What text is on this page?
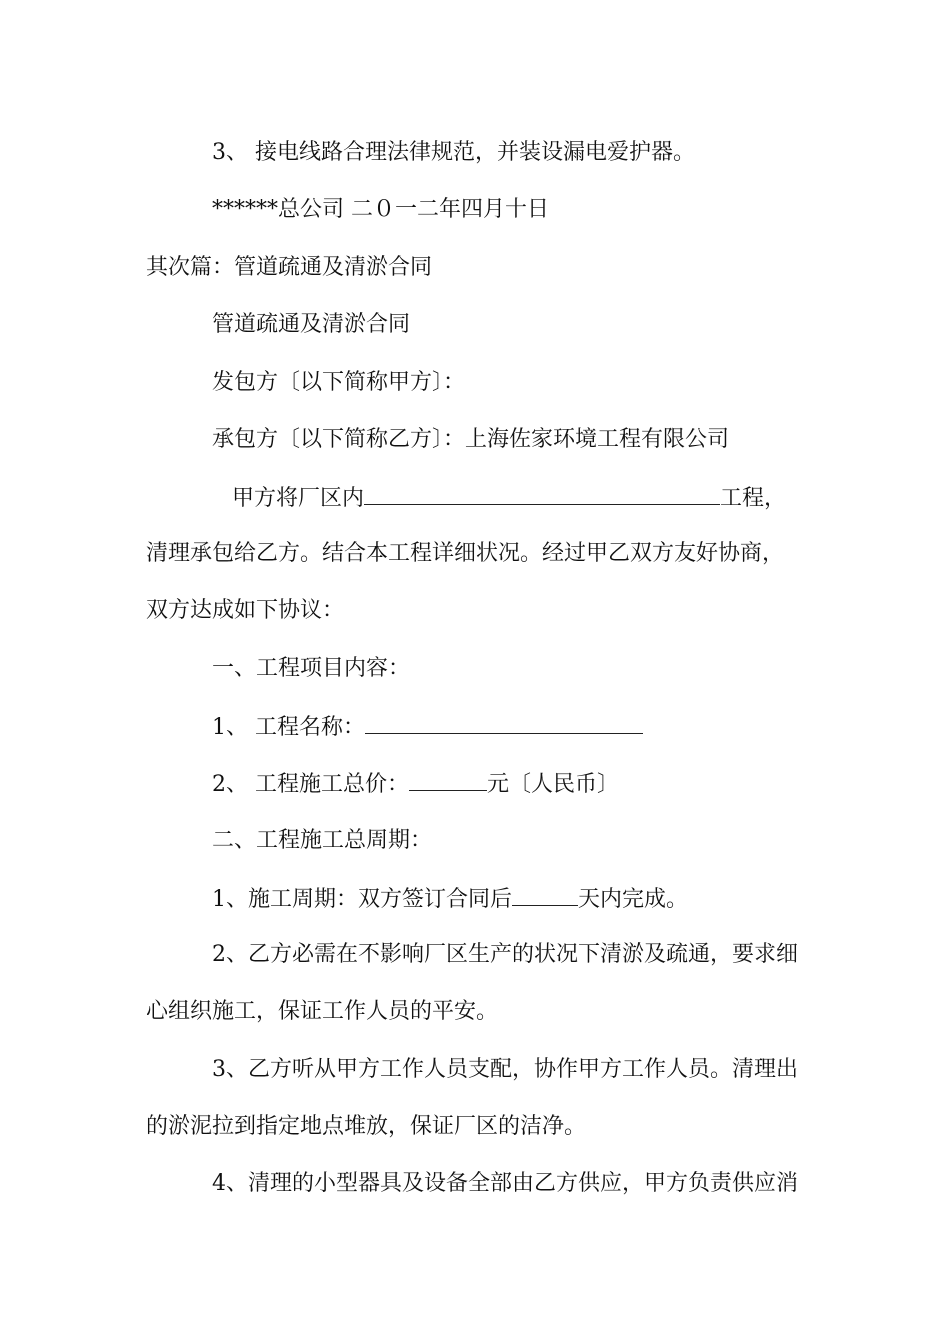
3、 接电线路合理法律规范，并装设漏电爱护器。
******总公司 二０一二年四月十日
其次篇：管道疏通及清淤合同
管道疏通及清淤合同
发包方〔以下简称甲方〕：
承包方〔以下简称乙方〕：上海佐家环境工程有限公司
甲方将厂区内	工程，
清理承包给乙方。结合本工程详细状况。经过甲乙双方友好协商，
双方达成如下协议：
一、工程项目内容：
1、 工程名称：
2、 工程施工总价：	元〔人民币〕
二、工程施工总周期：
1、施工周期：双方签订合同后	天内完成。
2、乙方必需在不影响厂区生产的状况下清淤及疏通，要求细
心组织施工，保证工作人员的平安。
3、乙方听从甲方工作人员支配，协作甲方工作人员。清理出
的淤泥拉到指定地点堆放，保证厂区的洁净。
4、清理的小型器具及设备全部由乙方供应，甲方负责供应消
